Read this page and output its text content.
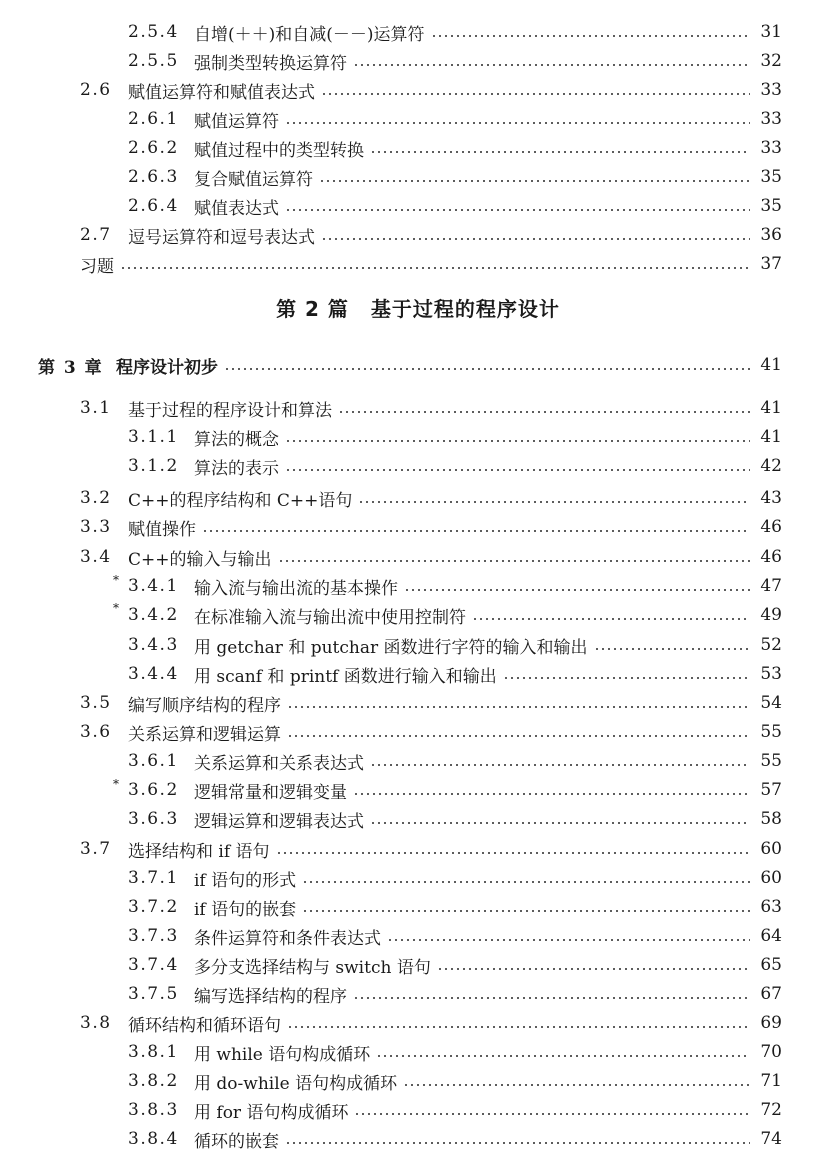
2.5.4 自增(＋＋)和自减(－－)运算符	31
2.5.5 强制类型转换运算符	32
2.6 赋值运算符和赋值表达式	33
2.6.1 赋值运算符	33
2.6.2 赋值过程中的类型转换	33
2.6.3 复合赋值运算符	35
2.6.4 赋值表达式	35
2.7 逗号运算符和逗号表达式	36
习题	37
第 2 篇 基于过程的程序设计
第 3 章 程序设计初步	41
3.1 基于过程的程序设计和算法	41
3.1.1 算法的概念	41
3.1.2 算法的表示	42
3.2 C++的程序结构和 C++语句	43
3.3 赋值操作	46
3.4 C++的输入与输出	46
* 3.4.1 输入流与输出流的基本操作	47
* 3.4.2 在标准输入流与输出流中使用控制符	49
3.4.3 用 getchar 和 putchar 函数进行字符的输入和输出	52
3.4.4 用 scanf 和 printf 函数进行输入和输出	53
3.5 编写顺序结构的程序	54
3.6 关系运算和逻辑运算	55
3.6.1 关系运算和关系表达式	55
* 3.6.2 逻辑常量和逻辑变量	57
3.6.3 逻辑运算和逻辑表达式	58
3.7 选择结构和 if 语句	60
3.7.1 if 语句的形式	60
3.7.2 if 语句的嵌套	63
3.7.3 条件运算符和条件表达式	64
3.7.4 多分支选择结构与 switch 语句	65
3.7.5 编写选择结构的程序	67
3.8 循环结构和循环语句	69
3.8.1 用 while 语句构成循环	70
3.8.2 用 do-while 语句构成循环	71
3.8.3 用 for 语句构成循环	72
3.8.4 循环的嵌套	74
